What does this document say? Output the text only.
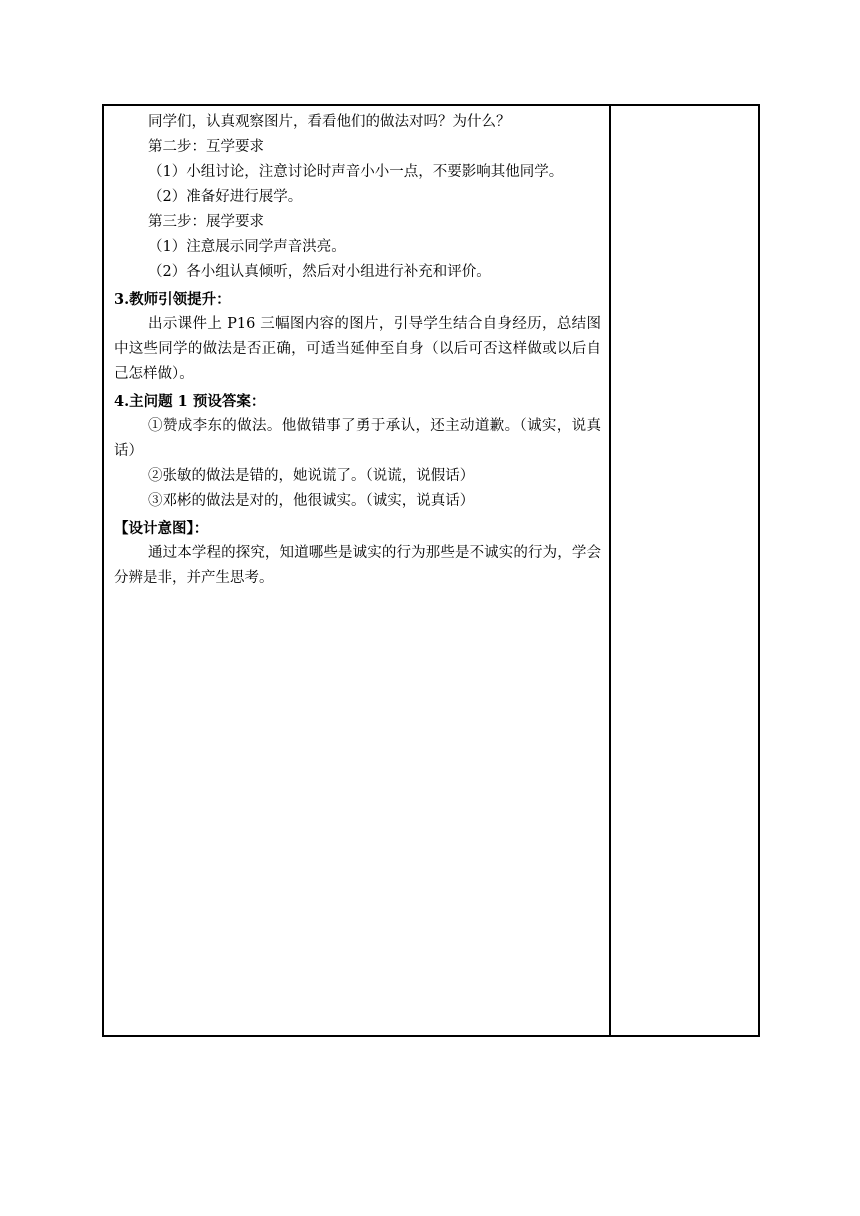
同学们，认真观察图片，看看他们的做法对吗？为什么？
第二步：互学要求
（1）小组讨论，注意讨论时声音小小一点，不要影响其他同学。
（2）准备好进行展学。
第三步：展学要求
（1）注意展示同学声音洪亮。
（2）各小组认真倾听，然后对小组进行补充和评价。
3.教师引领提升：
出示课件上 P16 三幅图内容的图片，引导学生结合自身经历，总结图中这些同学的做法是否正确，可适当延伸至自身（以后可否这样做或以后自己怎样做）。
4.主问题 1 预设答案：
①赞成李东的做法。他做错事了勇于承认，还主动道歉。（诚实，说真话）
②张敏的做法是错的，她说谎了。（说谎，说假话）
③邓彬的做法是对的，他很诚实。（诚实，说真话）
【设计意图】：
通过本学程的探究，知道哪些是诚实的行为那些是不诚实的行为，学会分辨是非，并产生思考。
